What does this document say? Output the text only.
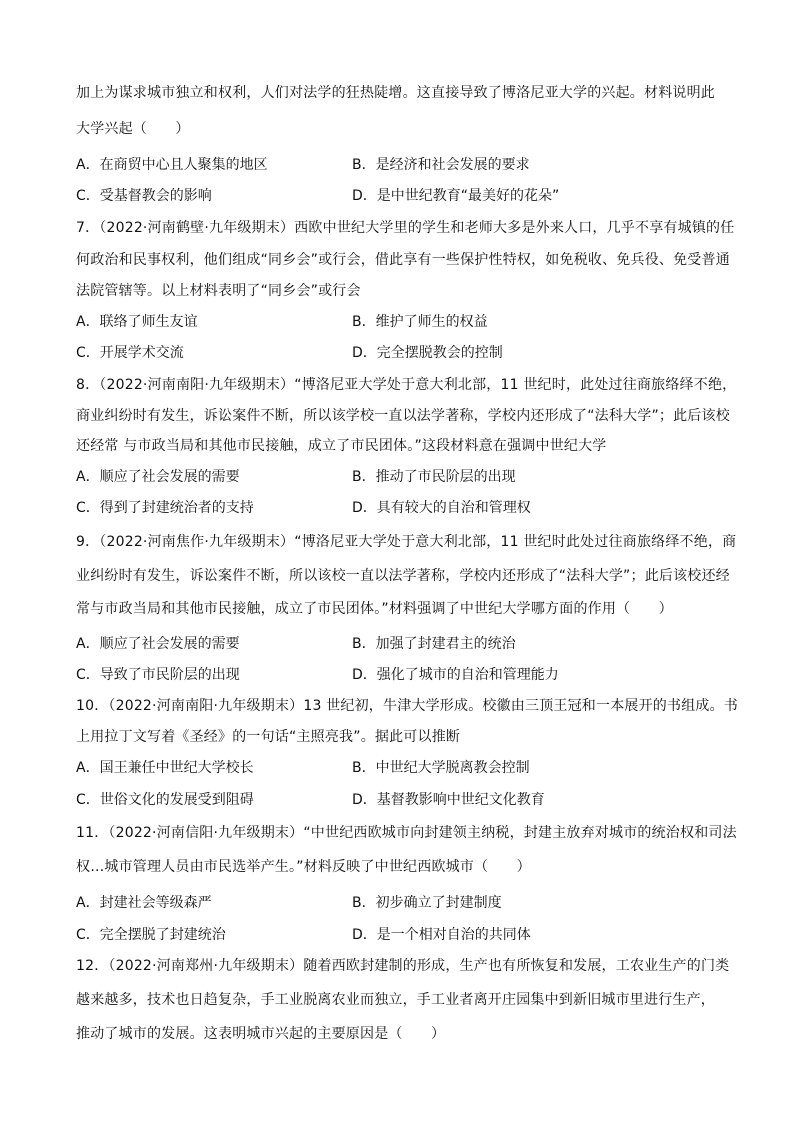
加上为谋求城市独立和权利，人们对法学的狂热陡增。这直接导致了博洛尼亚大学的兴起。材料说明此
大学兴起（　　）
A．在商贸中心且人聚集的地区	B．是经济和社会发展的要求
C．受基督教会的影响	D．是中世纪教育“最美好的花朵”
7．（2022·河南鹤壁·九年级期末）西欧中世纪大学里的学生和老师大多是外来人口，几乎不享有城镇的任
何政治和民事权利，他们组成“同乡会”或行会，借此享有一些保护性特权，如免税收、免兵役、免受普通
法院管辖等。以上材料表明了“同乡会”或行会
A．联络了师生友谊	B．维护了师生的权益
C．开展学术交流	D．完全摆脱教会的控制
8．（2022·河南南阳·九年级期末）“博洛尼亚大学处于意大利北部，11 世纪时，此处过往商旅络绎不绝，
商业纠纷时有发生，诉讼案件不断，所以该学校一直以法学著称，学校内还形成了“法科大学”；此后该校
还经常 与市政当局和其他市民接触，成立了市民团体。”这段材料意在强调中世纪大学
A．顺应了社会发展的需要	B．推动了市民阶层的出现
C．得到了封建统治者的支持	D．具有较大的自治和管理权
9．（2022·河南焦作·九年级期末）“博洛尼亚大学处于意大利北部，11 世纪时此处过往商旅络绎不绝，商
业纠纷时有发生，诉讼案件不断，所以该校一直以法学著称，学校内还形成了“法科大学”；此后该校还经
常与市政当局和其他市民接触，成立了市民团体。”材料强调了中世纪大学哪方面的作用（　　）
A．顺应了社会发展的需要	B．加强了封建君主的统治
C．导致了市民阶层的出现	D．强化了城市的自治和管理能力
10．（2022·河南南阳·九年级期末）13 世纪初，牛津大学形成。校徽由三顶王冠和一本展开的书组成。书
上用拉丁文写着《圣经》的一句话“主照亮我”。据此可以推断
A．国王兼任中世纪大学校长	B．中世纪大学脱离教会控制
C．世俗文化的发展受到阻碍	D．基督教影响中世纪文化教育
11．（2022·河南信阳·九年级期末）“中世纪西欧城市向封建领主纳税，封建主放弃对城市的统治权和司法
权…城市管理人员由市民选举产生。”材料反映了中世纪西欧城市（　　）
A．封建社会等级森严	B．初步确立了封建制度
C．完全摆脱了封建统治	D．是一个相对自治的共同体
12．（2022·河南郑州·九年级期末）随着西欧封建制的形成，生产也有所恢复和发展，工农业生产的门类
越来越多，技术也日趋复杂，手工业脱离农业而独立，手工业者离开庄园集中到新旧城市里进行生产，
推动了城市的发展。这表明城市兴起的主要原因是（　　）
